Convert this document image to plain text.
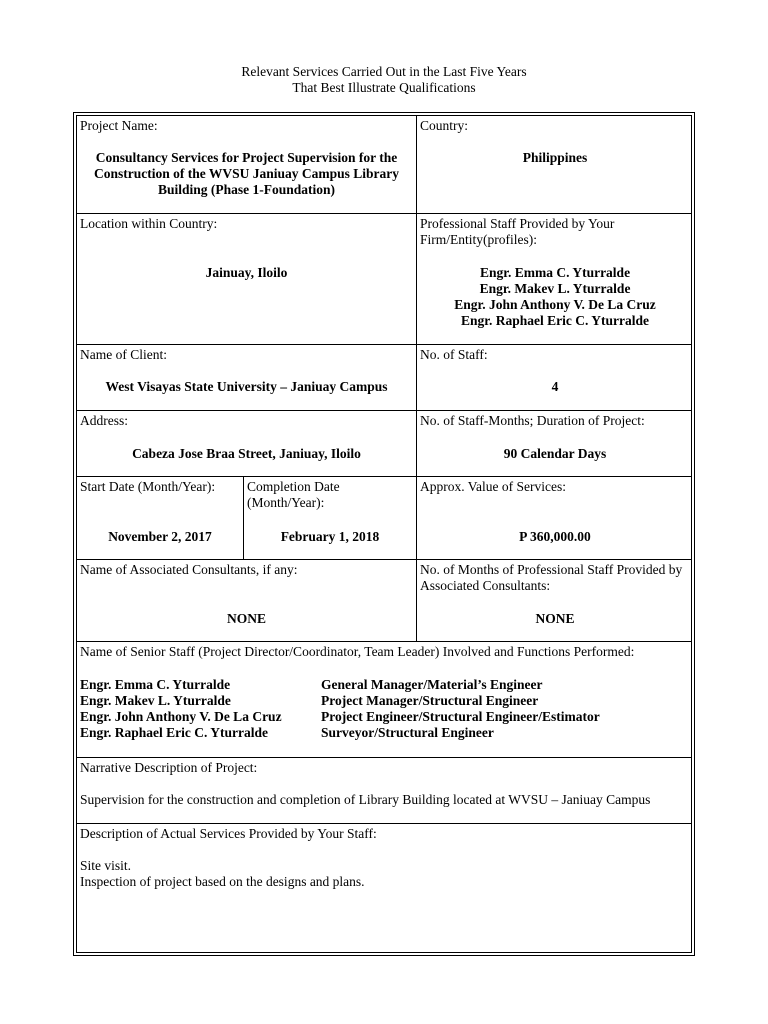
Relevant Services Carried Out in the Last Five Years
That Best Illustrate Qualifications
Project Name:
Consultancy Services for Project Supervision for the
Construction of the WVSU Janiuay Campus Library
Building (Phase 1-Foundation)
Country:
Philippines
Location within Country:
Jainuay, Iloilo
Professional Staff Provided by Your
Firm/Entity(profiles):
Engr. Emma C. Yturralde
Engr. Makev L. Yturralde
Engr. John Anthony V. De La Cruz
Engr. Raphael Eric C. Yturralde
Name of Client:
West Visayas State University – Janiuay Campus
No. of Staff:
4
Address:
Cabeza Jose Braa Street, Janiuay, Iloilo
No. of Staff-Months; Duration of Project:
90 Calendar Days
Start Date (Month/Year):
November 2, 2017
Completion Date
(Month/Year):
February 1, 2018
Approx. Value of Services:
P 360,000.00
Name of Associated Consultants, if any:
NONE
No. of Months of Professional Staff Provided by
Associated Consultants:
NONE
Name of Senior Staff (Project Director/Coordinator, Team Leader) Involved and Functions Performed:
Engr. Emma C. Yturralde	General Manager/Material’s Engineer
Engr. Makev L. Yturralde	Project Manager/Structural Engineer
Engr. John Anthony V. De La Cruz	Project Engineer/Structural Engineer/Estimator
Engr. Raphael Eric C. Yturralde	Surveyor/Structural Engineer
Narrative Description of Project:
Supervision for the construction and completion of Library Building located at WVSU – Janiuay Campus
Description of Actual Services Provided by Your Staff:
Site visit.
Inspection of project based on the designs and plans.
